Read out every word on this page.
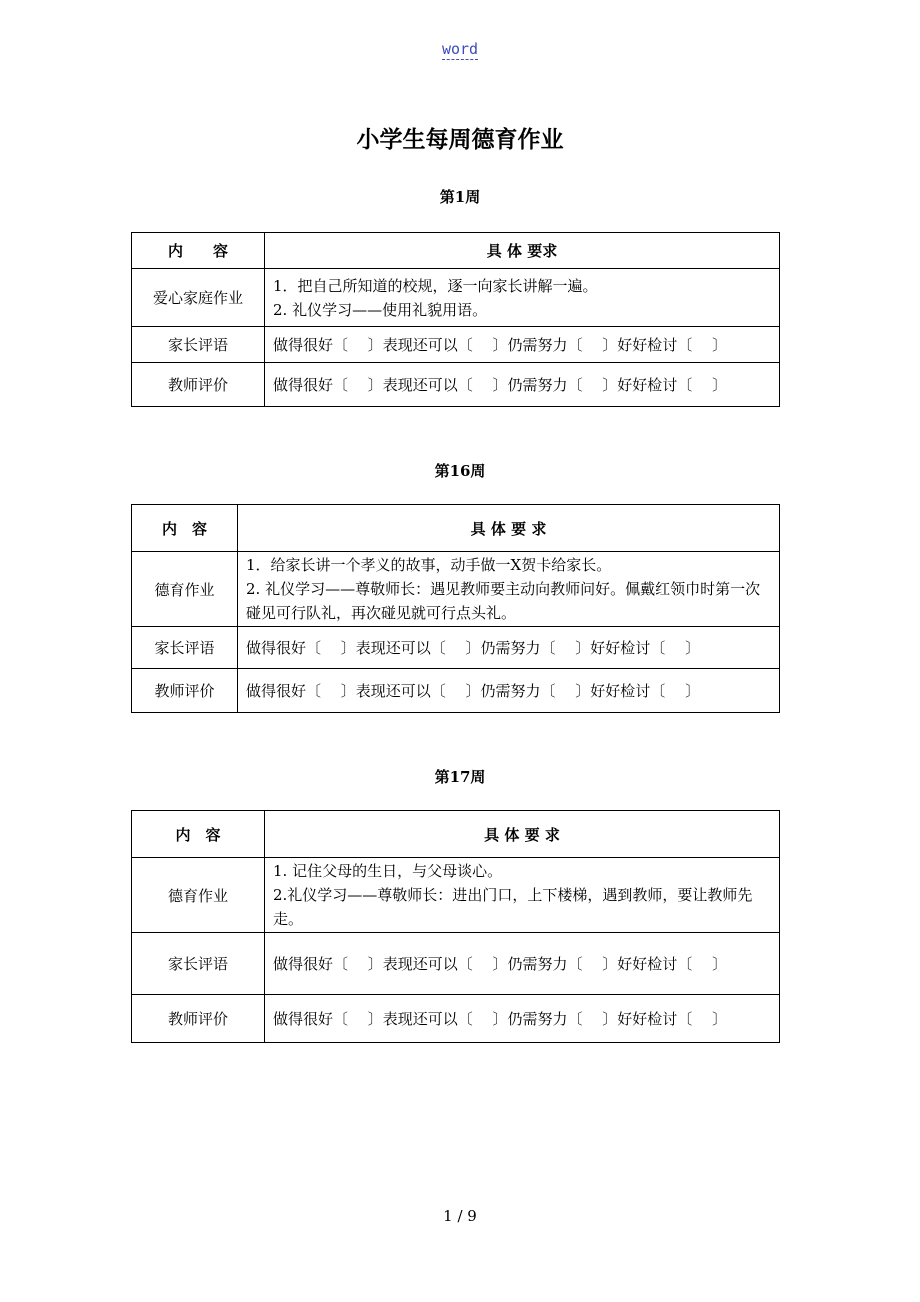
word
小学生每周德育作业
第1周
内　　容	具 体 要求
爱心家庭作业	1．把自己所知道的校规，逐一向家长讲解一遍。
2. 礼仪学习——使用礼貌用语。

家长评语	做得很好〔　 〕表现还可以〔　 〕仍需努力〔　 〕好好检讨〔　 〕
教师评价	做得很好〔　 〕表现还可以〔　 〕仍需努力〔　 〕好好检讨〔　 〕
第16周
内　容	具 体 要 求
德育作业	1．给家长讲一个孝义的故事，动手做一X贺卡给家长。
2. 礼仪学习——尊敬师长：遇见教师要主动向教师问好。佩戴红领巾时第一次碰见可行队礼，再次碰见就可行点头礼。

家长评语	做得很好〔　 〕表现还可以〔　 〕仍需努力〔　 〕好好检讨〔　 〕
教师评价	做得很好〔　 〕表现还可以〔　 〕仍需努力〔　 〕好好检讨〔　 〕
第17周
内　容	具 体 要 求
德育作业	1. 记住父母的生日，与父母谈心。
2.礼仪学习——尊敬师长：进出门口，上下楼梯，遇到教师，要让教师先走。

家长评语	做得很好〔　 〕表现还可以〔　 〕仍需努力〔　 〕好好检讨〔　 〕
教师评价	做得很好〔　 〕表现还可以〔　 〕仍需努力〔　 〕好好检讨〔　 〕
1 / 9
